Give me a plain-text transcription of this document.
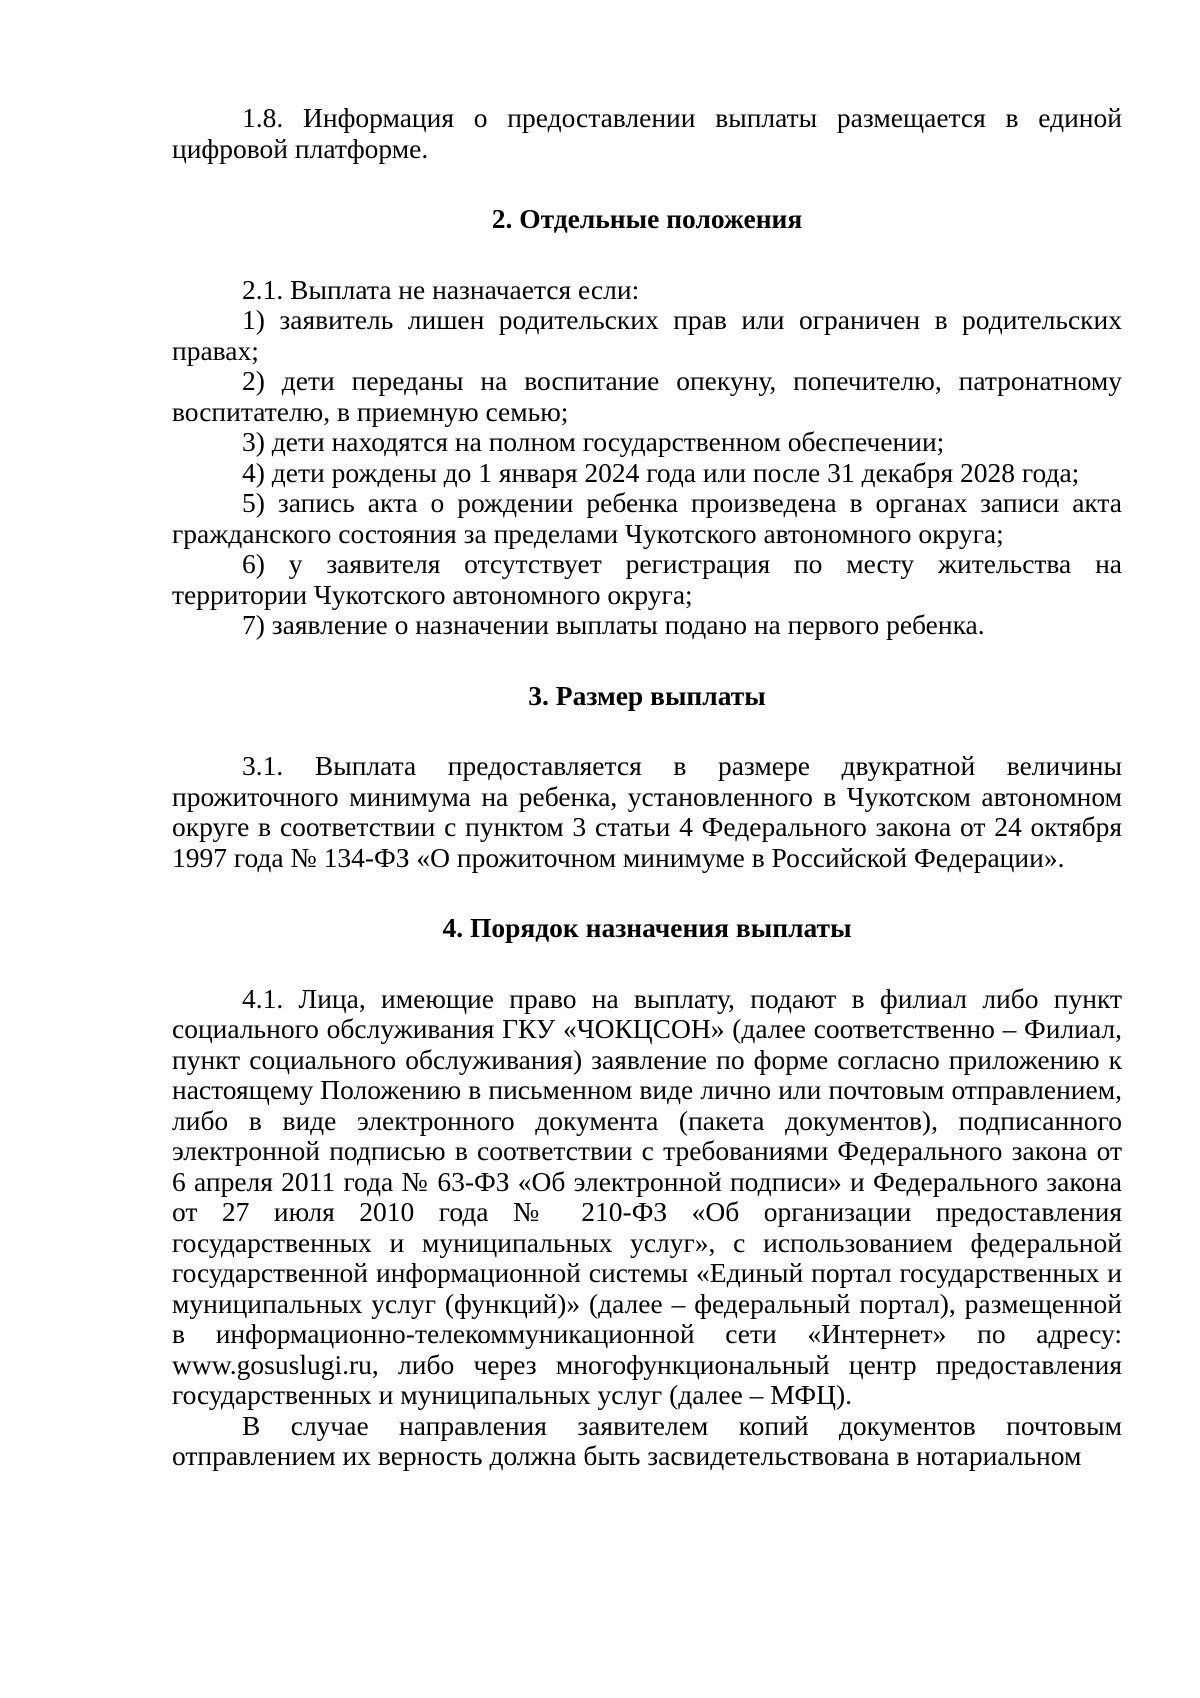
1.8. Информация о предоставлении выплаты размещается в единой цифровой платформе.

2. Отдельные положения

2.1. Выплата не назначается если:

1) заявитель лишен родительских прав или ограничен в родительских правах;

2) дети переданы на воспитание опекуну, попечителю, патронатному воспитателю, в приемную семью;

3) дети находятся на полном государственном обеспечении;

4) дети рождены до 1 января 2024 года или после 31 декабря 2028 года;

5) запись акта о рождении ребенка произведена в органах записи акта гражданского состояния за пределами Чукотского автономного округа;

6) у заявителя отсутствует регистрация по месту жительства на территории Чукотского автономного округа;

7) заявление о назначении выплаты подано на первого ребенка.

3. Размер выплаты

3.1. Выплата предоставляется в размере двукратной величины прожиточного минимума на ребенка, установленного в Чукотском автономном округе в соответствии с пунктом 3 статьи 4 Федерального закона от 24 октября 1997 года № 134-ФЗ «О прожиточном минимуме в Российской Федерации».

4. Порядок назначения выплаты

4.1. Лица, имеющие право на выплату, подают в филиал либо пункт социального обслуживания ГКУ «ЧОКЦСОН» (далее соответственно – Филиал, пункт социального обслуживания) заявление по форме согласно приложению к настоящему Положению в письменном виде лично или почтовым отправлением, либо в виде электронного документа (пакета документов), подписанного электронной подписью в соответствии с требованиями Федерального закона от 6 апреля 2011 года № 63-ФЗ «Об электронной подписи» и Федерального закона от 27 июля 2010 года № 210-ФЗ «Об организации предоставления государственных и муниципальных услуг», с использованием федеральной государственной информационной системы «Единый портал государственных и муниципальных услуг (функций)» (далее – федеральный портал), размещенной в информационно-телекоммуникационной сети «Интернет» по адресу: www.gosuslugi.ru, либо через многофункциональный центр предоставления государственных и муниципальных услуг (далее – МФЦ).

В случае направления заявителем копий документов почтовым отправлением их верность должна быть засвидетельствована в нотариальном
